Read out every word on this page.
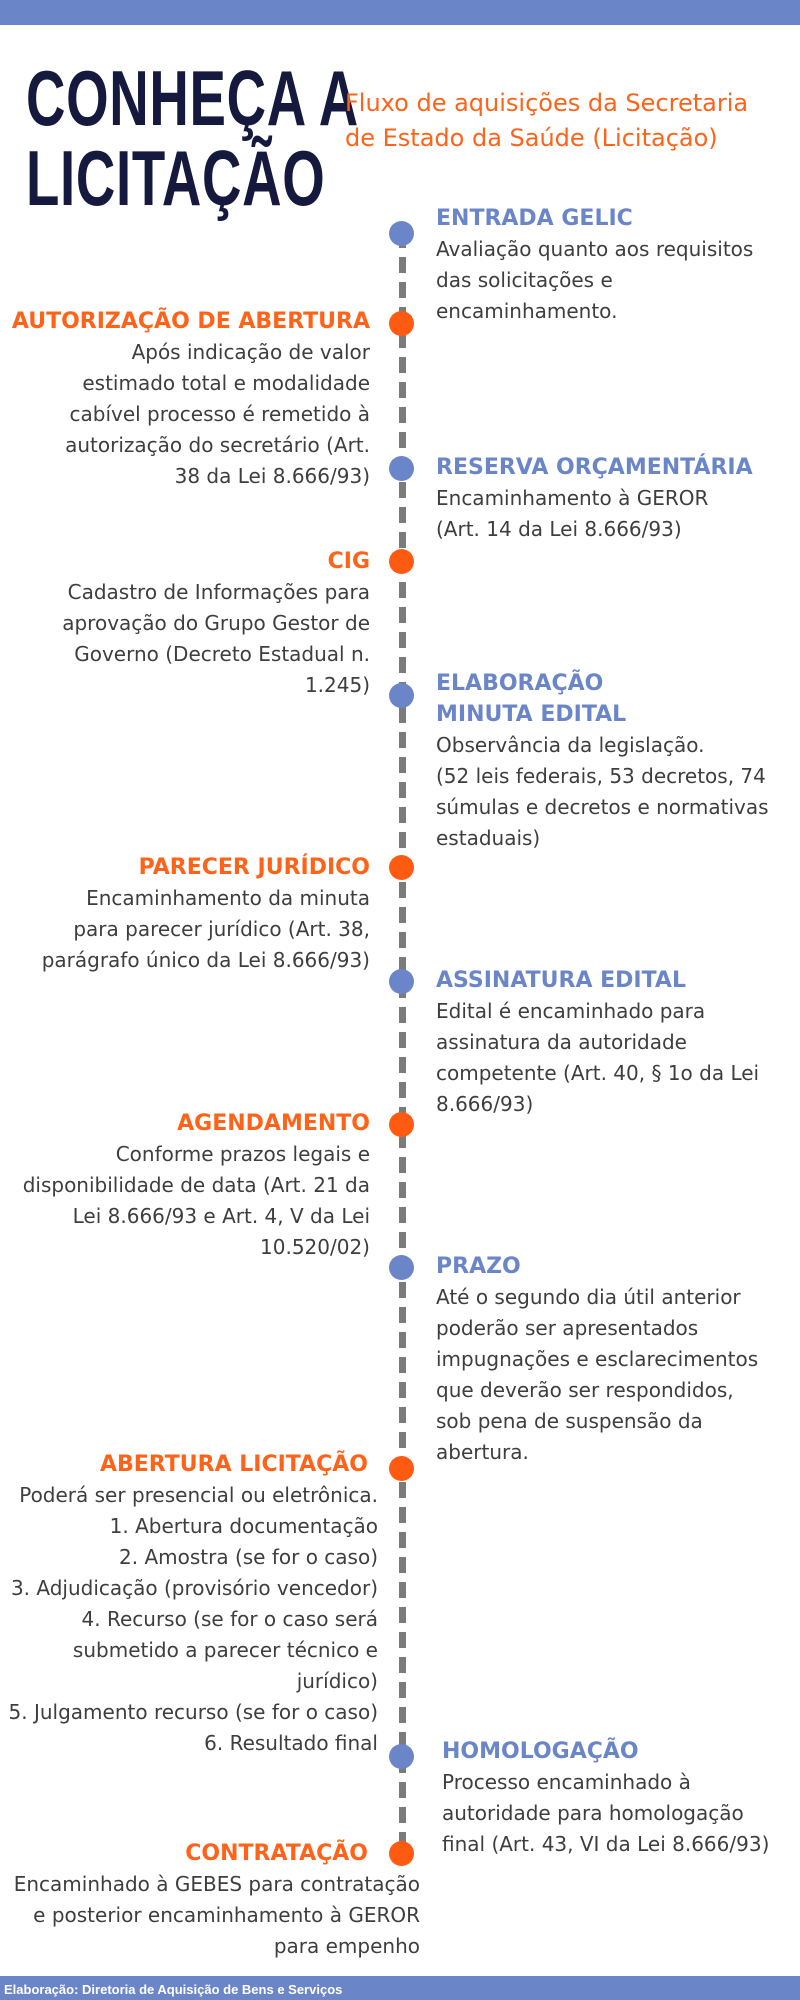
CONHEÇA A
LICITAÇÃO
Fluxo de aquisições da Secretaria de Estado da Saúde (Licitação)
ENTRADA GELIC
Avaliação quanto aos requisitos
das solicitações e
encaminhamento.
AUTORIZAÇÃO DE ABERTURA
Após indicação de valor
estimado total e modalidade
cabível processo é remetido à
autorização do secretário (Art.
38 da Lei 8.666/93)	RESERVA ORÇAMENTÁRIA
Encaminhamento à GEROR
(Art. 14 da Lei 8.666/93)
CIG
Cadastro de Informações para
aprovação do Grupo Gestor de
Governo (Decreto Estadual n.
1.245)	ELABORAÇÃO
MINUTA EDITAL
Observância da legislação.
(52 leis federais, 53 decretos, 74
súmulas e decretos e normativas
estaduais)
PARECER JURÍDICO
Encaminhamento da minuta
para parecer jurídico (Art. 38,
parágrafo único da Lei 8.666/93)
ASSINATURA EDITAL
Edital é encaminhado para
assinatura da autoridade
competente (Art. 40, § 1o da Lei
8.666/93)
AGENDAMENTO
Conforme prazos legais e
disponibilidade de data (Art. 21 da
Lei 8.666/93 e Art. 4, V da Lei
10.520/02)
PRAZO
Até o segundo dia útil anterior
poderão ser apresentados
impugnações e esclarecimentos
que deverão ser respondidos,
sob pena de suspensão da
abertura.
ABERTURA LICITAÇÃO
Poderá ser presencial ou eletrônica.
1. Abertura documentação
2. Amostra (se for o caso)
3. Adjudicação (provisório vencedor)
4. Recurso (se for o caso será
submetido a parecer técnico e
jurídico)
5. Julgamento recurso (se for o caso)
6. Resultado final	HOMOLOGAÇÃO
Processo encaminhado à
autoridade para homologação
final (Art. 43, VI da Lei 8.666/93)
CONTRATAÇÃO
Encaminhado à GEBES para contratação
e posterior encaminhamento à GEROR
para empenho
Elaboração: Diretoria de Aquisição de Bens e Serviços
